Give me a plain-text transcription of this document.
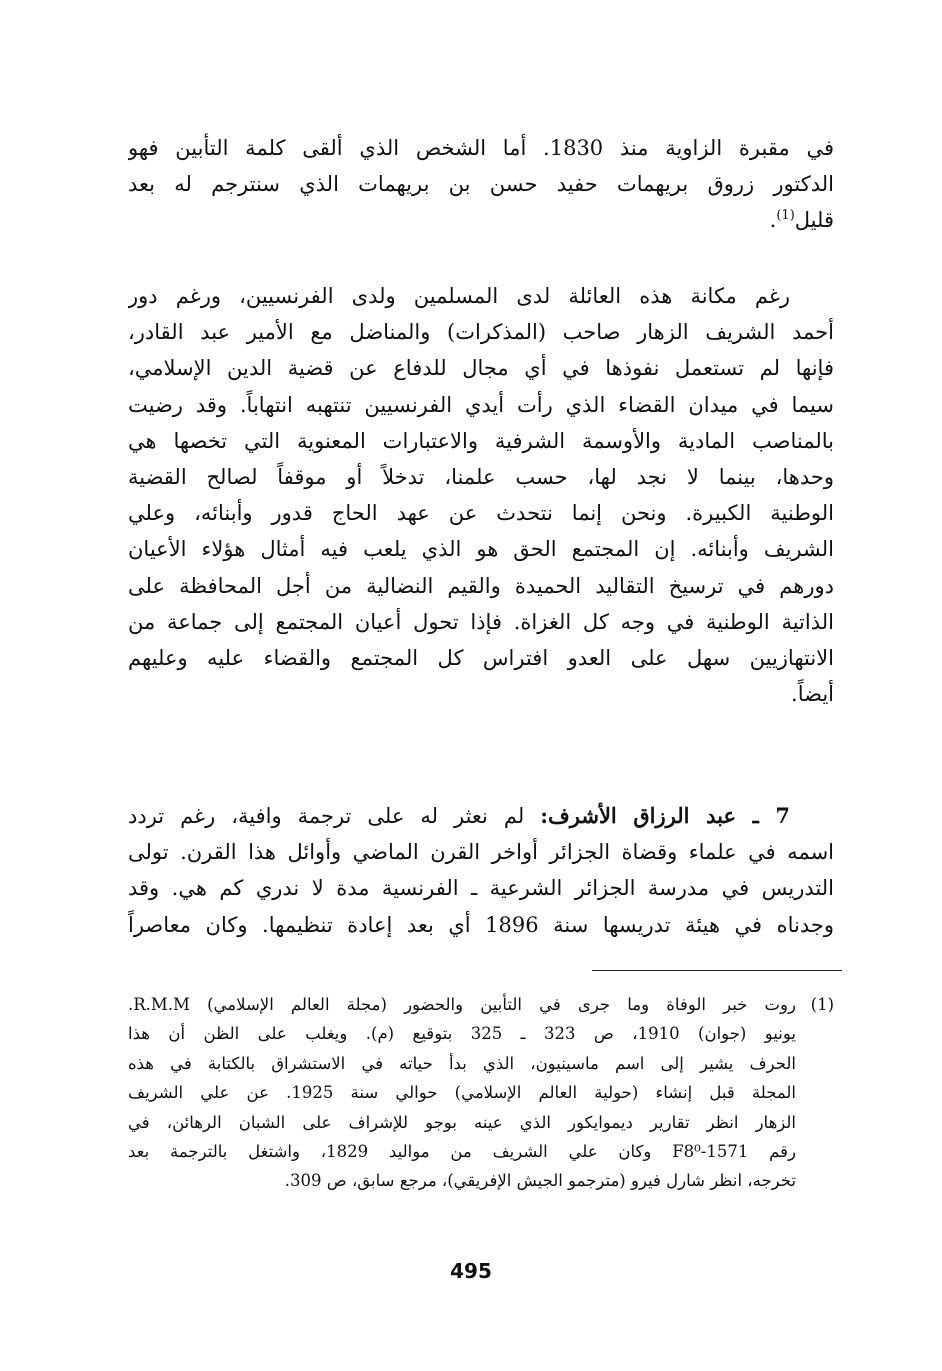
في مقبرة الزاوية منذ 1830. أما الشخص الذي ألقى كلمة التأبين فهو
الدكتور زروق بريهمات حفيد حسن بن بريهمات الذي سنترجم له بعد
قليل$^{(1)}$.
رغم مكانة هذه العائلة لدى المسلمين ولدى الفرنسيين، ورغم دور
أحمد الشريف الزهار صاحب (المذكرات) والمناضل مع الأمير عبد القادر،
فإنها لم تستعمل نفوذها في أي مجال للدفاع عن قضية الدين الإسلامي،
سيما في ميدان القضاء الذي رأت أيدي الفرنسيين تنتهبه انتهاباً. وقد رضيت
بالمناصب المادية والأوسمة الشرفية والاعتبارات المعنوية التي تخصها هي
وحدها، بينما لا نجد لها، حسب علمنا، تدخلاً أو موقفاً لصالح القضية
الوطنية الكبيرة. ونحن إنما نتحدث عن عهد الحاج قدور وأبنائه، وعلي
الشريف وأبنائه. إن المجتمع الحق هو الذي يلعب فيه أمثال هؤلاء الأعيان
دورهم في ترسيخ التقاليد الحميدة والقيم النضالية من أجل المحافظة على
الذاتية الوطنية في وجه كل الغزاة. فإذا تحول أعيان المجتمع إلى جماعة من
الانتهازيين سهل على العدو افتراس كل المجتمع والقضاء عليه وعليهم
أيضاً.
7 ـ عبد الرزاق الأشرف: لم نعثر له على ترجمة وافية، رغم تردد
اسمه في علماء وقضاة الجزائر أواخر القرن الماضي وأوائل هذا القرن. تولى
التدريس في مدرسة الجزائر الشرعية ـ الفرنسية مدة لا ندري كم هي. وقد
وجدناه في هيئة تدريسها سنة 1896 أي بعد إعادة تنظيمها. وكان معاصراً
(1)روت خبر الوفاة وما جرى في التأبين والحضور (مجلة العالم الإسلامي) R.M.M.
يونيو (جوان) 1910، ص 323 ـ 325 بتوقيع (م). ويغلب على الظن أن هذا
الحرف يشير إلى اسم ماسينيون، الذي بدأ حياته في الاستشراق بالكتابة في هذه
المجلة قبل إنشاء (حولية العالم الإسلامي) حوالي سنة 1925. عن علي الشريف
الزهار انظر تقارير ديموايكور الذي عينه بوجو للإشراف على الشبان الرهائن، في
رقم F8⁰-1571 وكان علي الشريف من مواليد 1829، واشتغل بالترجمة بعد
تخرجه، انظر شارل فيرو (مترجمو الجيش الإفريقي)، مرجع سابق، ص 309.
495
